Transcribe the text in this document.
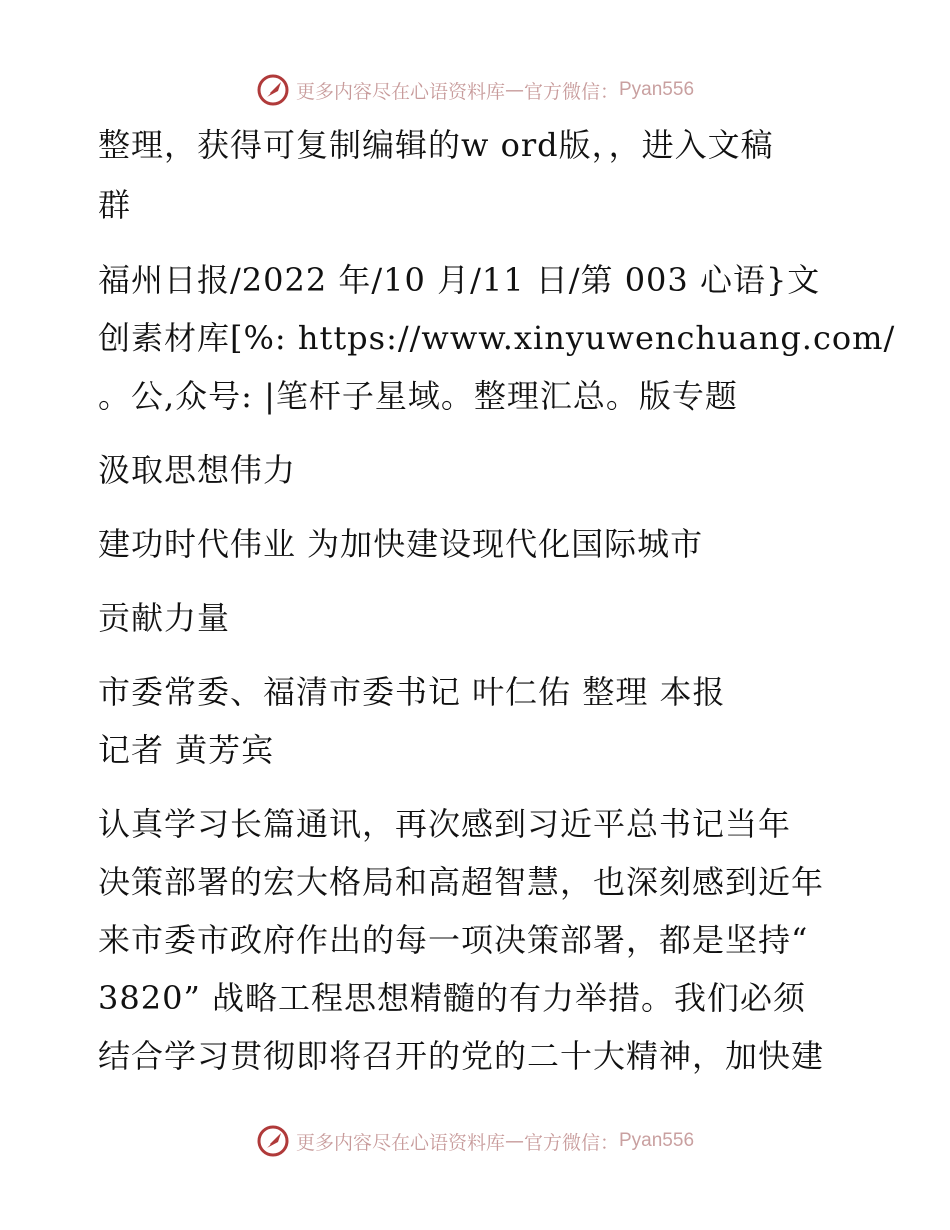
更多内容尽在心语资料库 — 官方微信： Pyan556
整理，获得可复制编辑的w ord版，，进入文稿
群
福州日报/2022 年/10 月/11 日/第 003 心语}文
创素材库[%: https://www.xinyuwenchuang.com/
。公,众号: |笔杆子星域。整理汇总。版专题
汲取思想伟力
建功时代伟业 为加快建设现代化国际城市
贡献力量
市委常委、福清市委书记 叶仁佑 整理 本报
记者 黄芳宾
认真学习长篇通讯，再次感到习近平总书记当年
决策部署的宏大格局和高超智慧，也深刻感到近年
来市委市政府作出的每一项决策部署，都是坚持“
3820” 战略工程思想精髓的有力举措。我们必须
结合学习贯彻即将召开的党的二十大精神，加快建
更多内容尽在心语资料库 — 官方微信： Pyan556
